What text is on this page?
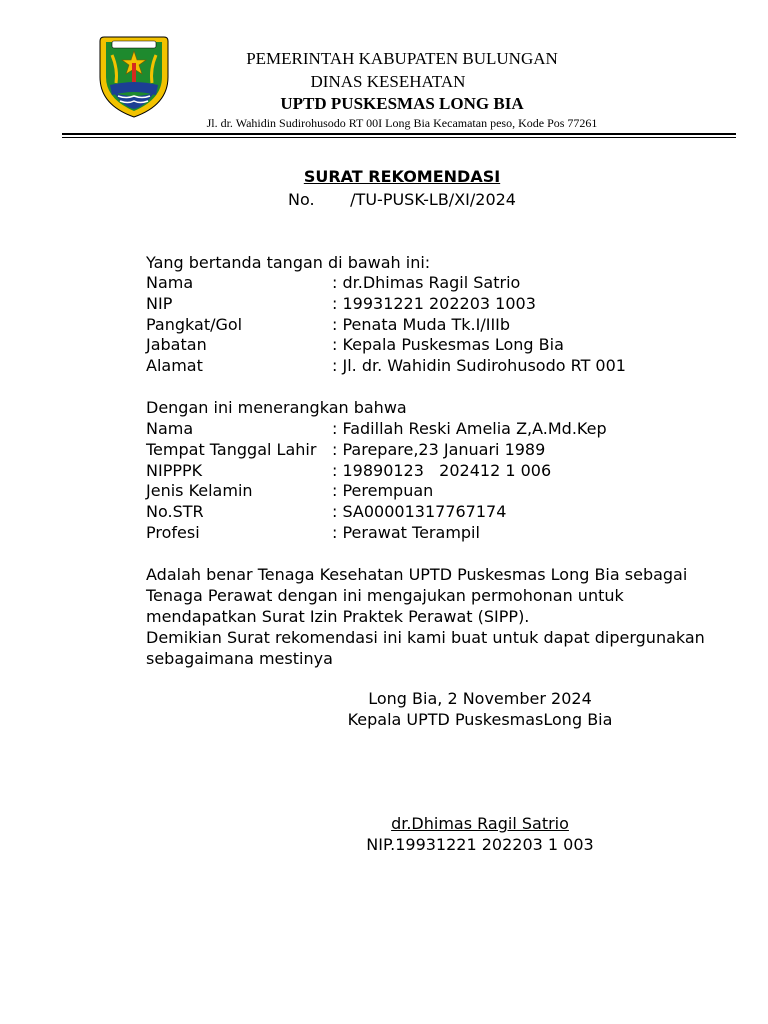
PEMERINTAH KABUPATEN BULUNGAN
DINAS KESEHATAN
UPTD PUSKESMAS LONG BIA
Jl. dr. Wahidin Sudirohusodo RT 00I Long Bia Kecamatan peso, Kode Pos 77261
SURAT REKOMENDASI
No.       /TU-PUSK-LB/XI/2024
Yang bertanda tangan di bawah ini:
Nama	: dr.Dhimas Ragil Satrio
NIP	: 19931221 202203 1003
Pangkat/Gol	: Penata Muda Tk.I/IIIb
Jabatan	: Kepala Puskesmas Long Bia
Alamat	: Jl. dr. Wahidin Sudirohusodo RT 001
Dengan ini menerangkan bahwa
Nama	: Fadillah Reski Amelia Z,A.Md.Kep
Tempat Tanggal Lahir : Parepare,23 Januari 1989
NIPPPK	: 19890123   202412 1 006
Jenis Kelamin	: Perempuan
No.STR	: SA00001317767174
Profesi	: Perawat Terampil
Adalah benar Tenaga Kesehatan UPTD Puskesmas Long Bia sebagai
Tenaga Perawat dengan ini mengajukan permohonan untuk
mendapatkan Surat Izin Praktek Perawat (SIPP).
Demikian Surat rekomendasi ini kami buat untuk dapat dipergunakan
sebagaimana mestinya
Long Bia, 2 November 2024
Kepala UPTD PuskesmasLong Bia
dr.Dhimas Ragil Satrio
NIP.19931221 202203 1 003
